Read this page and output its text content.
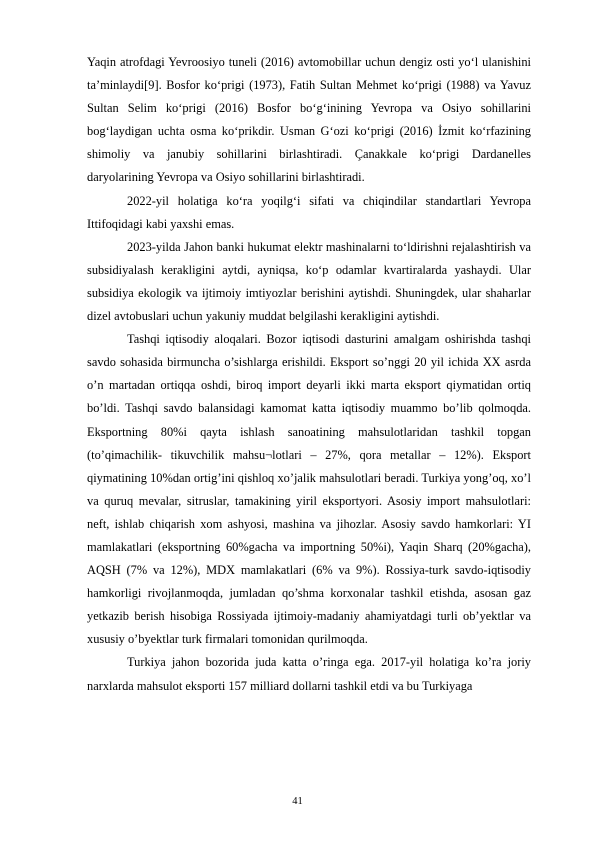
Yaqin atrofdagi Yevroosiyo tuneli (2016) avtomobillar uchun dengiz osti yo‘l ulanishini ta’minlaydi[9]. Bosfor ko‘prigi (1973), Fatih Sultan Mehmet ko‘prigi (1988) va Yavuz Sultan Selim ko‘prigi (2016) Bosfor bo‘g‘inining Yevropa va Osiyo sohillarini bog‘laydigan uchta osma ko‘prikdir. Usman G‘ozi ko‘prigi (2016) İzmit ko‘rfazining shimoliy va janubiy sohillarini birlashtiradi. Çanakkale ko‘prigi Dardanelles daryolarining Yevropa va Osiyo sohillarini birlashtiradi.

2022-yil holatiga ko‘ra yoqilg‘i sifati va chiqindilar standartlari Yevropa Ittifoqidagi kabi yaxshi emas.

2023-yilda Jahon banki hukumat elektr mashinalarni to‘ldirishni rejalashtirish va subsidiyalash kerakligini aytdi, ayniqsa, ko‘p odamlar kvartiralarda yashaydi. Ular subsidiya ekologik va ijtimoiy imtiyozlar berishini aytishdi. Shuningdek, ular shaharlar dizel avtobuslari uchun yakuniy muddat belgilashi kerakligini aytishdi.

Tashqi iqtisodiy aloqalari. Bozor iqtisodi dasturini amalgam oshirishda tashqi savdo sohasida birmuncha o’sishlarga erishildi. Eksport so’nggi 20 yil ichida XX asrda o’n martadan ortiqqa oshdi, biroq import deyarli ikki marta eksport qiymatidan ortiq bo’ldi. Tashqi savdo balansidagi kamomat katta iqtisodiy muammo bo’lib qolmoqda. Eksportning 80%i qayta ishlash sanoatining mahsulotlaridan tashkil topgan (to’qimachilik- tikuvchilik mahsu¬lotlari – 27%, qora metallar – 12%). Eksport qiymatining 10%dan ortig’ini qishloq xo’jalik mahsulotlari beradi. Turkiya yong’oq, xo’l va quruq mevalar, sitruslar, tamakining yiril eksportyori. Asosiy import mahsulotlari: neft, ishlab chiqarish xom ashyosi, mashina va jihozlar. Asosiy savdo hamkorlari: YI mamlakatlari (eksportning 60%gacha va importning 50%i), Yaqin Sharq (20%gacha), AQSH (7% va 12%), MDX mamlakatlari (6% va 9%). Rossiya-turk savdo-iqtisodiy hamkorligi rivojlanmoqda, jumladan qo’shma korxonalar tashkil etishda, asosan gaz yetkazib berish hisobiga Rossiyada ijtimoiy-madaniy ahamiyatdagi turli ob’yektlar va xususiy o’byektlar turk firmalari tomonidan qurilmoqda.

Turkiya jahon bozorida juda katta o’ringa ega. 2017-yil holatiga ko’ra joriy narxlarda mahsulot eksporti 157 milliard dollarni tashkil etdi va bu Turkiyaga

41
